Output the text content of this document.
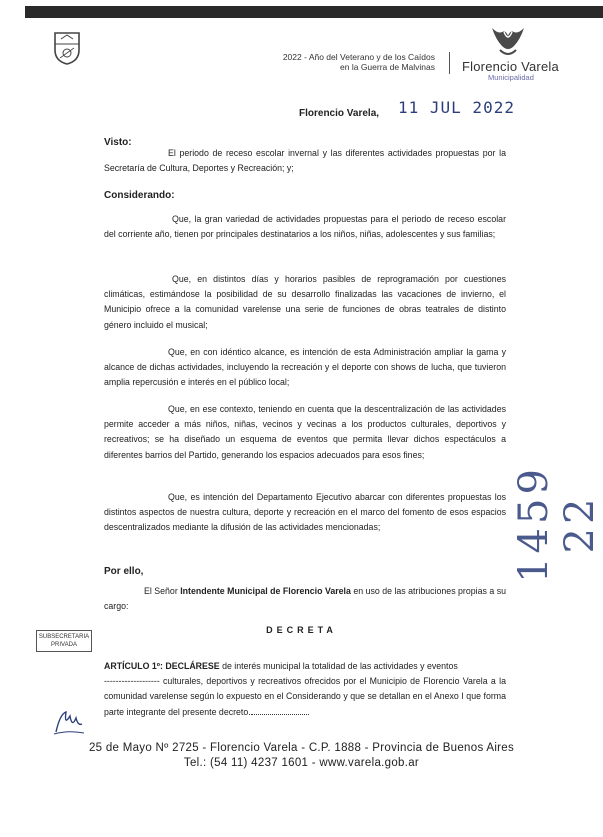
2022 - Año del Veterano y de los Caídos
en la Guerra de Malvinas Florencio Varela
Municipalidad
Florencio Varela, 11 JUL 2022
Visto:
El periodo de receso escolar invernal y las diferentes actividades propuestas por la Secretaría de Cultura, Deportes y Recreación; y;
Considerando:
Que, la gran variedad de actividades propuestas para el periodo de receso escolar del corriente año, tienen por principales destinatarios a los niños, niñas, adolescentes y sus familias;
Que, en distintos días y horarios pasibles de reprogramación por cuestiones climáticas, estimándose la posibilidad de su desarrollo finalizadas las vacaciones de invierno, el Municipio ofrece a la comunidad varelense una serie de funciones de obras teatrales de distinto género incluido el musical;
Que, en con idéntico alcance, es intención de esta Administración ampliar la gama y alcance de dichas actividades, incluyendo la recreación y el deporte con shows de lucha, que tuvieron amplia repercusión e interés en el público local;
Que, en ese contexto, teniendo en cuenta que la descentralización de las actividades permite acceder a más niños, niñas, vecinos y vecinas a los productos culturales, deportivos y recreativos; se ha diseñado un esquema de eventos que permita llevar dichos espectáculos a diferentes barrios del Partido, generando los espacios adecuados para esos fines;
Que, es intención del Departamento Ejecutivo abarcar con diferentes propuestas los distintos aspectos de nuestra cultura, deporte y recreación en el marco del fomento de esos espacios descentralizados mediante la difusión de las actividades mencionadas;
Por ello,
El Señor Intendente Municipal de Florencio Varela en uso de las atribuciones propias a su cargo:
DECRETA
SUBSECRETARIA
PRIVADA
ARTÍCULO 1º: DECLÁRESE de interés municipal la totalidad de las actividades y eventos
------------------- culturales, deportivos y recreativos ofrecidos por el Municipio de Florencio Varela a la comunidad varelense según lo expuesto en el Considerando y que se detallan en el Anexo I que forma parte integrante del presente decreto.
1459 22
25 de Mayo Nº 2725 - Florencio Varela - C.P. 1888 - Provincia de Buenos Aires
Tel.: (54 11) 4237 1601 - www.varela.gob.ar
